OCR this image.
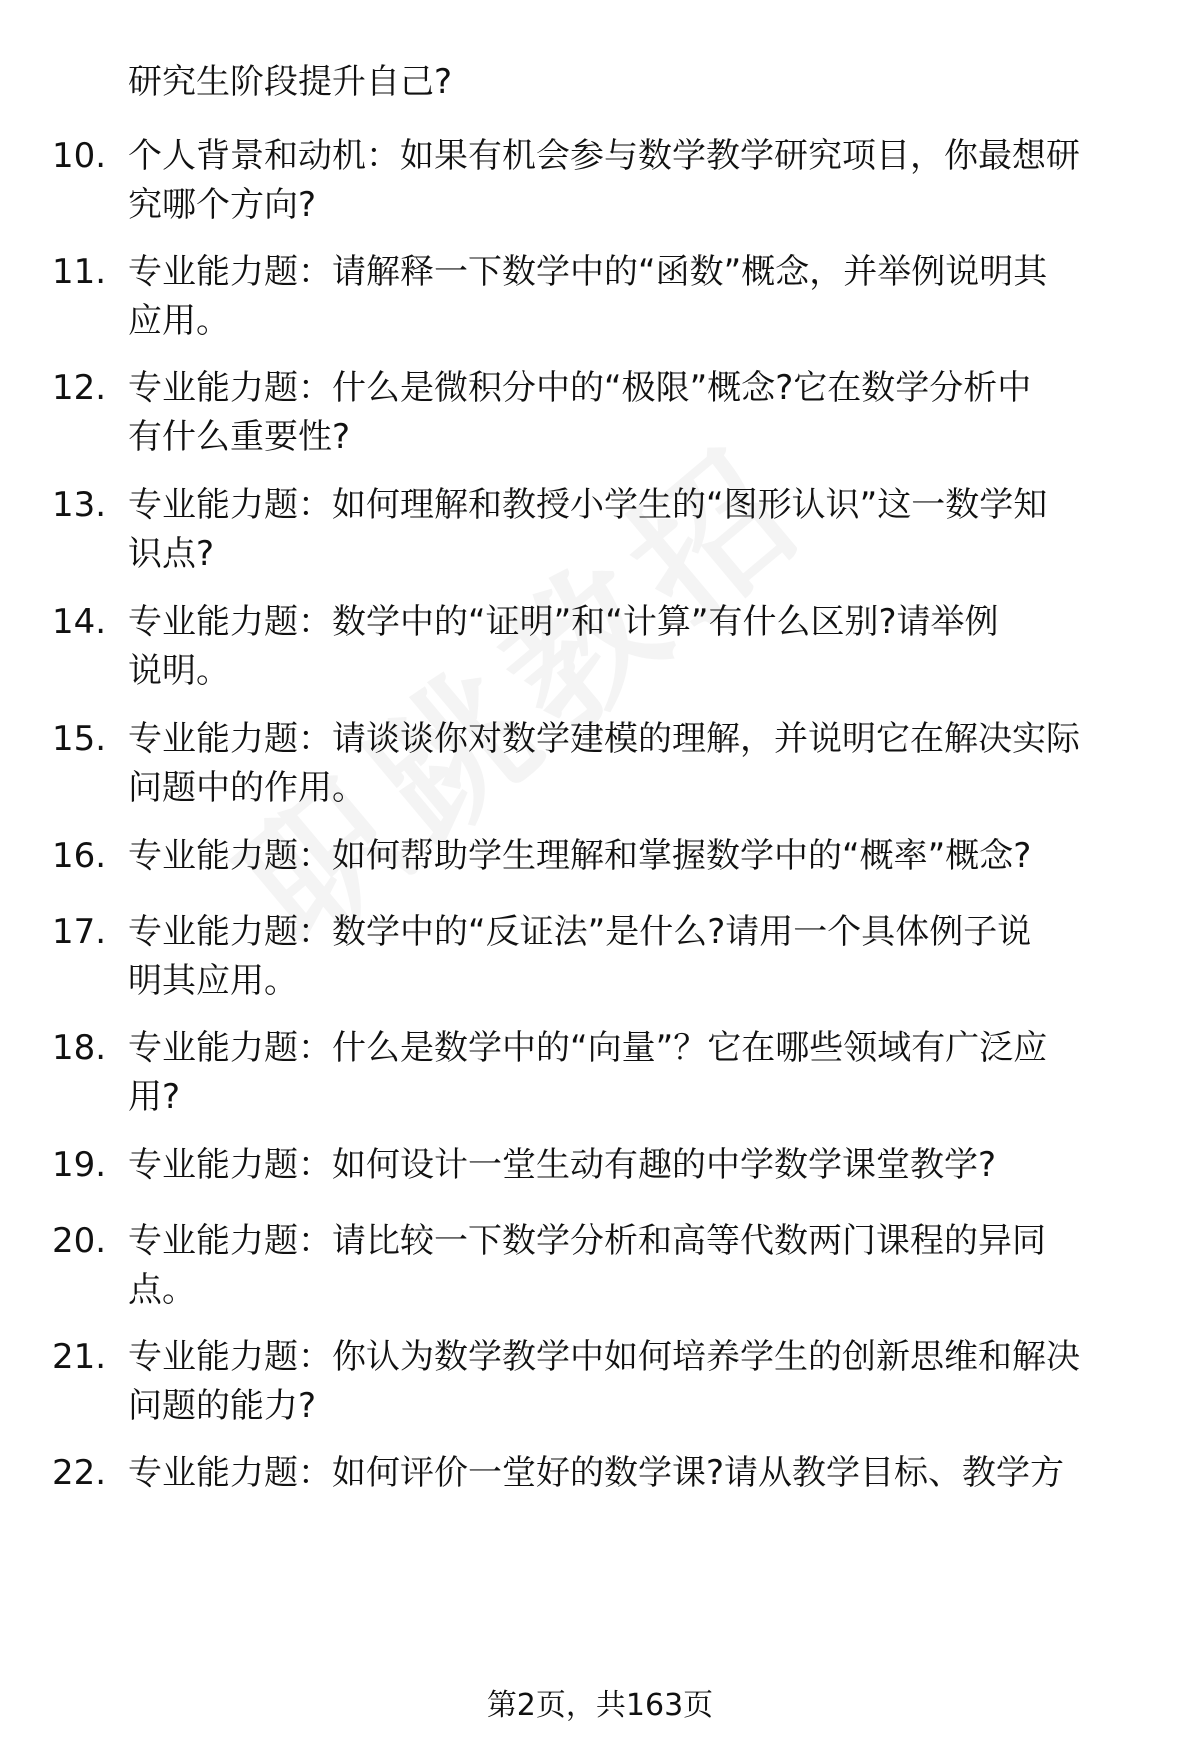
研究生阶段提升自己?
10. 个人背景和动机：如果有机会参与数学教学研究项目，你最想研
究哪个方向?
11. 专业能力题：请解释一下数学中的“函数”概念，并举例说明其
应用。
12. 专业能力题：什么是微积分中的“极限”概念?它在数学分析中
有什么重要性?
13. 专业能力题：如何理解和教授小学生的“图形认识”这一数学知
识点?
14. 专业能力题：数学中的“证明”和“计算”有什么区别?请举例
说明。
15. 专业能力题：请谈谈你对数学建模的理解，并说明它在解决实际
问题中的作用。
16. 专业能力题：如何帮助学生理解和掌握数学中的“概率”概念?
17. 专业能力题：数学中的“反证法”是什么?请用一个具体例子说
明其应用。
18. 专业能力题：什么是数学中的“向量”？它在哪些领域有广泛应
用?
19. 专业能力题：如何设计一堂生动有趣的中学数学课堂教学?
20. 专业能力题：请比较一下数学分析和高等代数两门课程的异同
点。
21. 专业能力题：你认为数学教学中如何培养学生的创新思维和解决
问题的能力?
22. 专业能力题：如何评价一堂好的数学课?请从教学目标、教学方
第2页，共163页
